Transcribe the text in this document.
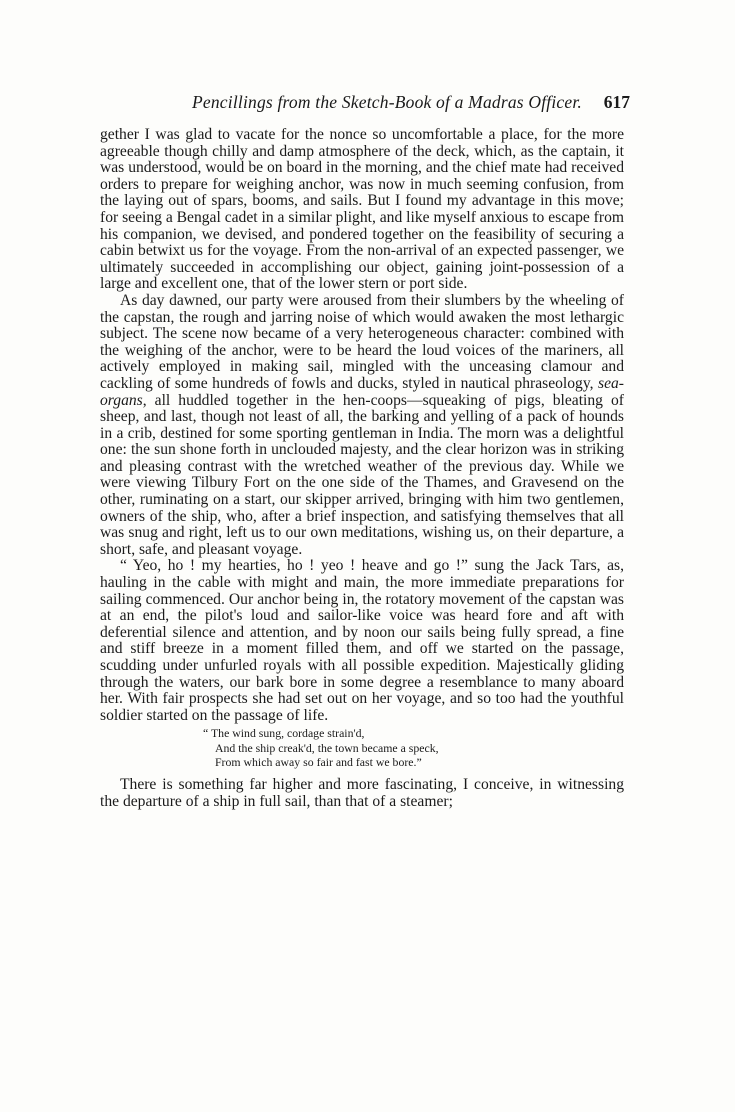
Pencillings from the Sketch-Book of a Madras Officer. 617

gether I was glad to vacate for the nonce so uncomfortable a place, for the more agreeable though chilly and damp atmosphere of the deck, which, as the captain, it was understood, would be on board in the morning, and the chief mate had received orders to prepare for weighing anchor, was now in much seeming confusion, from the laying out of spars, booms, and sails. But I found my advantage in this move; for seeing a Bengal cadet in a similar plight, and like myself anxious to escape from his companion, we devised, and pondered together on the feasibility of securing a cabin betwixt us for the voyage. From the non-arrival of an expected passenger, we ultimately succeeded in accomplishing our object, gaining joint-possession of a large and excellent one, that of the lower stern or port side.

As day dawned, our party were aroused from their slumbers by the wheeling of the capstan, the rough and jarring noise of which would awaken the most lethargic subject. The scene now became of a very heterogeneous character: combined with the weighing of the anchor, were to be heard the loud voices of the mariners, all actively employed in making sail, mingled with the unceasing clamour and cackling of some hundreds of fowls and ducks, styled in nautical phraseology, sea-organs, all huddled together in the hen-coops—squeaking of pigs, bleating of sheep, and last, though not least of all, the barking and yelling of a pack of hounds in a crib, destined for some sporting gentleman in India. The morn was a delightful one: the sun shone forth in unclouded majesty, and the clear horizon was in striking and pleasing contrast with the wretched weather of the previous day. While we were viewing Tilbury Fort on the one side of the Thames, and Gravesend on the other, ruminating on a start, our skipper arrived, bringing with him two gentlemen, owners of the ship, who, after a brief inspection, and satisfying themselves that all was snug and right, left us to our own meditations, wishing us, on their departure, a short, safe, and pleasant voyage.

“ Yeo, ho ! my hearties, ho ! yeo ! heave and go !” sung the Jack Tars, as, hauling in the cable with might and main, the more immediate preparations for sailing commenced. Our anchor being in, the rotatory movement of the capstan was at an end, the pilot's loud and sailor-like voice was heard fore and aft with deferential silence and attention, and by noon our sails being fully spread, a fine and stiff breeze in a moment filled them, and off we started on the passage, scudding under unfurled royals with all possible expedition. Majestically gliding through the waters, our bark bore in some degree a resemblance to many aboard her. With fair prospects she had set out on her voyage, and so too had the youthful soldier started on the passage of life.

“ The wind sung, cordage strain'd,
And the ship creak'd, the town became a speck,
From which away so fair and fast we bore.”

There is something far higher and more fascinating, I conceive, in witnessing the departure of a ship in full sail, than that of a steamer;
